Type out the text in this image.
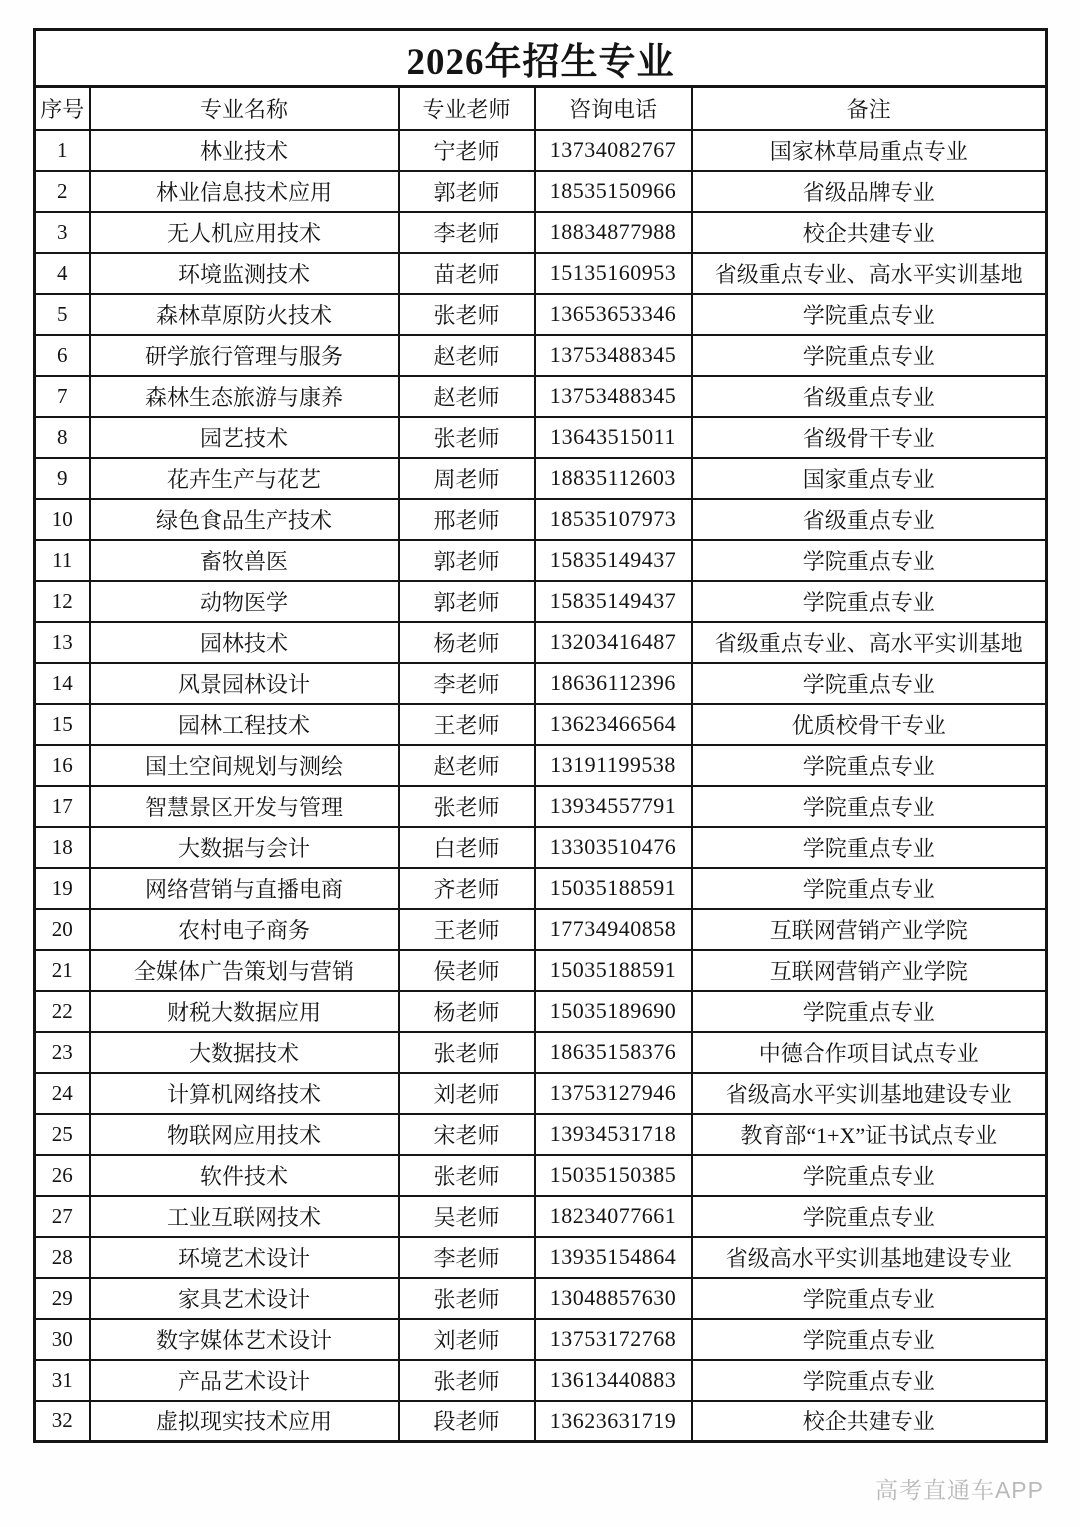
2026年招生专业				
序号	专业名称	专业老师	咨询电话	备注
1	林业技术	宁老师	13734082767	国家林草局重点专业
2	林业信息技术应用	郭老师	18535150966	省级品牌专业
3	无人机应用技术	李老师	18834877988	校企共建专业
4	环境监测技术	苗老师	15135160953	省级重点专业、高水平实训基地
5	森林草原防火技术	张老师	13653653346	学院重点专业
6	研学旅行管理与服务	赵老师	13753488345	学院重点专业
7	森林生态旅游与康养	赵老师	13753488345	省级重点专业
8	园艺技术	张老师	13643515011	省级骨干专业
9	花卉生产与花艺	周老师	18835112603	国家重点专业
10	绿色食品生产技术	邢老师	18535107973	省级重点专业
11	畜牧兽医	郭老师	15835149437	学院重点专业
12	动物医学	郭老师	15835149437	学院重点专业
13	园林技术	杨老师	13203416487	省级重点专业、高水平实训基地
14	风景园林设计	李老师	18636112396	学院重点专业
15	园林工程技术	王老师	13623466564	优质校骨干专业
16	国土空间规划与测绘	赵老师	13191199538	学院重点专业
17	智慧景区开发与管理	张老师	13934557791	学院重点专业
18	大数据与会计	白老师	13303510476	学院重点专业
19	网络营销与直播电商	齐老师	15035188591	学院重点专业
20	农村电子商务	王老师	17734940858	互联网营销产业学院
21	全媒体广告策划与营销	侯老师	15035188591	互联网营销产业学院
22	财税大数据应用	杨老师	15035189690	学院重点专业
23	大数据技术	张老师	18635158376	中德合作项目试点专业
24	计算机网络技术	刘老师	13753127946	省级高水平实训基地建设专业
25	物联网应用技术	宋老师	13934531718	教育部“1+X”证书试点专业
26	软件技术	张老师	15035150385	学院重点专业
27	工业互联网技术	吴老师	18234077661	学院重点专业
28	环境艺术设计	李老师	13935154864	省级高水平实训基地建设专业
29	家具艺术设计	张老师	13048857630	学院重点专业
30	数字媒体艺术设计	刘老师	13753172768	学院重点专业
31	产品艺术设计	张老师	13613440883	学院重点专业
32	虚拟现实技术应用	段老师	13623631719	校企共建专业
高考直通车APP
